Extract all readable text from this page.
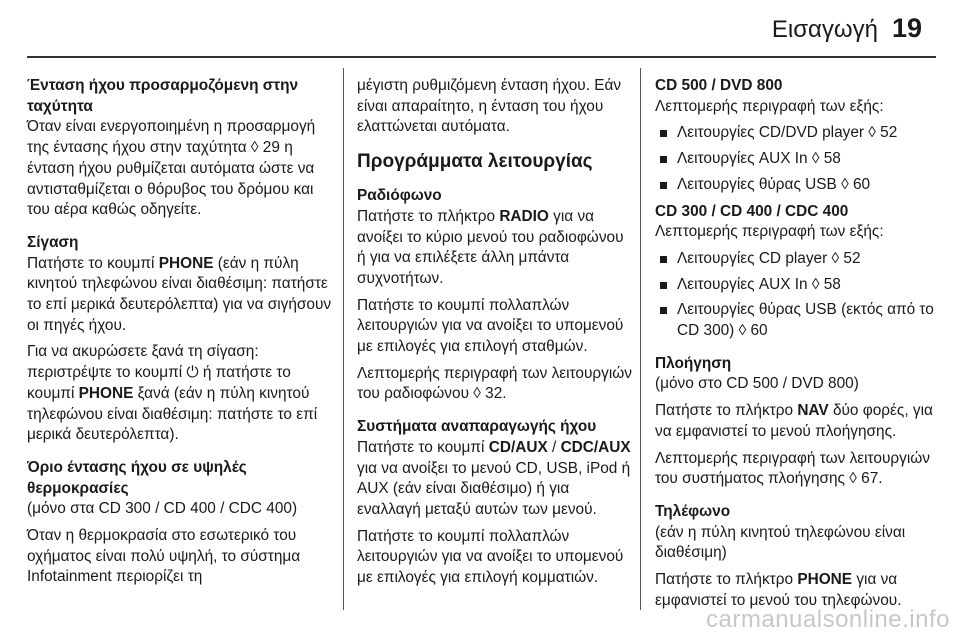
Εισαγωγή 19

Ένταση ήχου προσαρμοζόμενη στην ταχύτητα

Όταν είναι ενεργοποιημένη η προσαρμογή της έντασης ήχου στην ταχύτητα ◊ 29 η ένταση ήχου ρυθμίζεται αυτόματα ώστε να αντισταθμίζεται ο θόρυβος του δρόμου και του αέρα καθώς οδηγείτε.

Σίγαση

Πατήστε το κουμπί PHONE (εάν η πύλη κινητού τηλεφώνου είναι διαθέσιμη: πατήστε το επί μερικά δευτερόλεπτα) για να σιγήσουν οι πηγές ήχου.

Για να ακυρώσετε ξανά τη σίγαση: περιστρέψτε το κουμπί ⏻ ή πατήστε το κουμπί PHONE ξανά (εάν η πύλη κινητού τηλεφώνου είναι διαθέσιμη: πατήστε το επί μερικά δευτερόλεπτα).

Όριο έντασης ήχου σε υψηλές θερμοκρασίες

(μόνο στα CD 300 / CD 400 / CDC 400)

Όταν η θερμοκρασία στο εσωτερικό του οχήματος είναι πολύ υψηλή, το σύστημα Infotainment περιορίζει τη

μέγιστη ρυθμιζόμενη ένταση ήχου. Εάν είναι απαραίτητο, η ένταση του ήχου ελαττώνεται αυτόματα.

Προγράμματα λειτουργίας

Ραδιόφωνο

Πατήστε το πλήκτρο RADIO για να ανοίξει το κύριο μενού του ραδιοφώνου ή για να επιλέξετε άλλη μπάντα συχνοτήτων.

Πατήστε το κουμπί πολλαπλών λειτουργιών για να ανοίξει το υπομενού με επιλογές για επιλογή σταθμών.

Λεπτομερής περιγραφή των λειτουργιών του ραδιοφώνου ◊ 32.

Συστήματα αναπαραγωγής ήχου

Πατήστε το κουμπί CD/AUX / CDC/AUX για να ανοίξει το μενού CD, USB, iPod ή AUX (εάν είναι διαθέσιμο) ή για εναλλαγή μεταξύ αυτών των μενού.

Πατήστε το κουμπί πολλαπλών λειτουργιών για να ανοίξει το υπομενού με επιλογές για επιλογή κομματιών.

CD 500 / DVD 800

Λεπτομερής περιγραφή των εξής:

Λειτουργίες CD/DVD player ◊ 52
Λειτουργίες AUX In ◊ 58
Λειτουργίες θύρας USB ◊ 60

CD 300 / CD 400 / CDC 400

Λεπτομερής περιγραφή των εξής:

Λειτουργίες CD player ◊ 52
Λειτουργίες AUX In ◊ 58
Λειτουργίες θύρας USB (εκτός από το CD 300) ◊ 60

Πλοήγηση

(μόνο στο CD 500 / DVD 800)

Πατήστε το πλήκτρο NAV δύο φορές, για να εμφανιστεί το μενού πλοήγησης.

Λεπτομερής περιγραφή των λειτουργιών του συστήματος πλοήγησης ◊ 67.

Τηλέφωνο

(εάν η πύλη κινητού τηλεφώνου είναι διαθέσιμη)

Πατήστε το πλήκτρο PHONE για να εμφανιστεί το μενού του τηλεφώνου.

carmanualsonline.info
